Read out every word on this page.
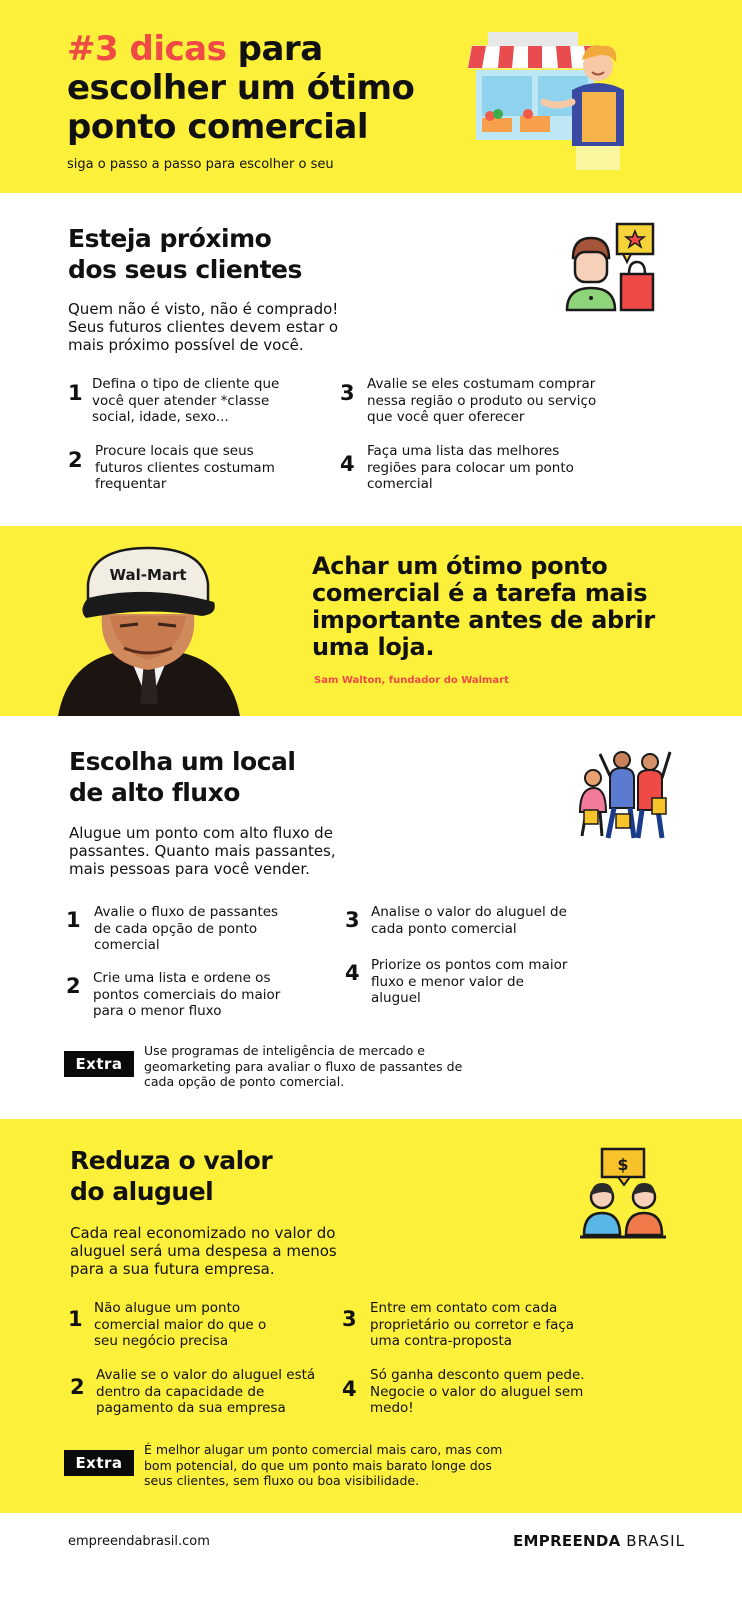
#3 dicas para
escolher um ótimo
ponto comercial
siga o passo a passo para escolher o seu
Esteja próximo
dos seus clientes
Quem não é visto, não é comprado! Seus futuros clientes devem estar o mais próximo possível de você.
1 Defina o tipo de cliente que você quer atender *classe social, idade, sexo...
2 Procure locais que seus futuros clientes costumam frequentar
3 Avalie se eles costumam comprar nessa região o produto ou serviço que você quer oferecer
4
Faça uma lista das melhores regiões para colocar um ponto comercial
Wal-Mart	Achar um ótimo ponto comercial é a tarefa mais importante antes de abrir uma loja.
Sam Walton, fundador do Walmart
Escolha um local
de alto fluxo
Alugue um ponto com alto fluxo de passantes. Quanto mais passantes, mais pessoas para você vender.
1 Avalie o fluxo de passantes de cada opção de ponto comercial
2 Crie uma lista e ordene os pontos comerciais do maior para o menor fluxo
3 Analise o valor do aluguel de cada ponto comercial
4 Priorize os pontos com maior fluxo e menor valor de aluguel
Extra
Use programas de inteligência de mercado e geomarketing para avaliar o fluxo de passantes de cada opção de ponto comercial.
Reduza o valor
do aluguel
Cada real economizado no valor do aluguel será uma despesa a menos para a sua futura empresa.
$
1 Não alugue um ponto comercial maior do que o seu negócio precisa
2 Avalie se o valor do aluguel está dentro da capacidade de pagamento da sua empresa
3 Entre em contato com cada proprietário ou corretor e faça uma contra-proposta
4
Só ganha desconto quem pede. Negocie o valor do aluguel sem medo!
Extra
É melhor alugar um ponto comercial mais caro, mas com bom potencial, do que um ponto mais barato longe dos seus clientes, sem fluxo ou boa visibilidade.
empreendabrasil.com	EMPREENDA BRASIL
